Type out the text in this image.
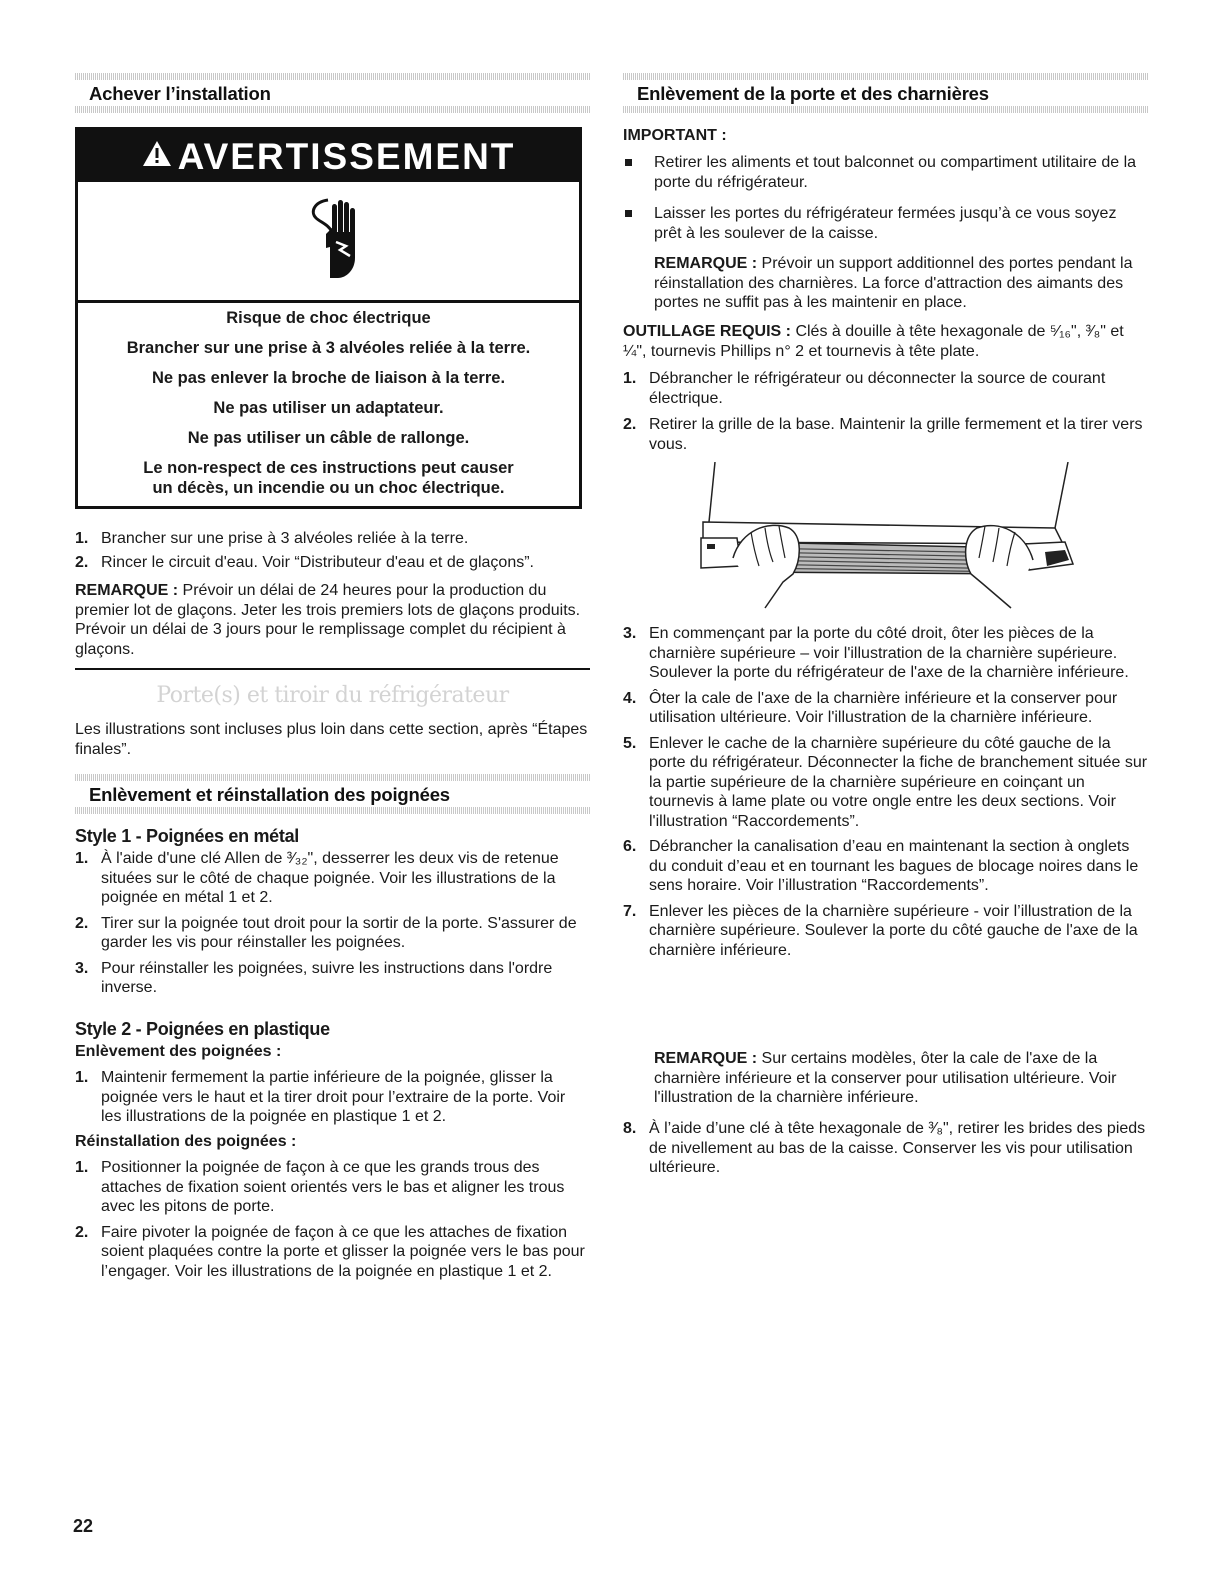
Achever l’installation
AVERTISSEMENT
Risque de choc électrique
Brancher sur une prise à 3 alvéoles reliée à la terre.
Ne pas enlever la broche de liaison à la terre.
Ne pas utiliser un adaptateur.
Ne pas utiliser un câble de rallonge.
Le non-respect de ces instructions peut causer
un décès, un incendie ou un choc électrique.
1. Brancher sur une prise à 3 alvéoles reliée à la terre.
2. Rincer le circuit d'eau. Voir “Distributeur d'eau et de glaçons”.

REMARQUE : Prévoir un délai de 24 heures pour la production du premier lot de glaçons. Jeter les trois premiers lots de glaçons produits. Prévoir un délai de 3 jours pour le remplissage complet du récipient à glaçons.

Porte(s) et tiroir du réfrigérateur

Les illustrations sont incluses plus loin dans cette section, après “Étapes finales”.

Enlèvement et réinstallation des poignées
Style 1 - Poignées en métal
1. À l'aide d'une clé Allen de ³⁄₃₂", desserrer les deux vis de retenue situées sur le côté de chaque poignée. Voir les illustrations de la poignée en métal 1 et 2.
2. Tirer sur la poignée tout droit pour la sortir de la porte. S'assurer de garder les vis pour réinstaller les poignées.
3. Pour réinstaller les poignées, suivre les instructions dans l'ordre inverse.
Style 2 - Poignées en plastique
Enlèvement des poignées :
1. Maintenir fermement la partie inférieure de la poignée, glisser la poignée vers le haut et la tirer droit pour l’extraire de la porte. Voir les illustrations de la poignée en plastique 1 et 2.
Réinstallation des poignées :
1. Positionner la poignée de façon à ce que les grands trous des attaches de fixation soient orientés vers le bas et aligner les trous avec les pitons de porte.
2. Faire pivoter la poignée de façon à ce que les attaches de fixation soient plaquées contre la porte et glisser la poignée vers le bas pour l’engager. Voir les illustrations de la poignée en plastique 1 et 2.
Enlèvement de la porte et des charnières
IMPORTANT :
Retirer les aliments et tout balconnet ou compartiment utilitaire de la porte du réfrigérateur.
Laisser les portes du réfrigérateur fermées jusqu’à ce vous soyez prêt à les soulever de la caisse.

REMARQUE : Prévoir un support additionnel des portes pendant la réinstallation des charnières. La force d'attraction des aimants des portes ne suffit pas à les maintenir en place.

OUTILLAGE REQUIS : Clés à douille à tête hexagonale de ⁵⁄₁₆", ³⁄₈" et ¼", tournevis Phillips n° 2 et tournevis à tête plate.

1. Débrancher le réfrigérateur ou déconnecter la source de courant électrique.
2. Retirer la grille de la base. Maintenir la grille fermement et la tirer vers vous.
3. En commençant par la porte du côté droit, ôter les pièces de la charnière supérieure – voir l'illustration de la charnière supérieure. Soulever la porte du réfrigérateur de l'axe de la charnière inférieure.
4. Ôter la cale de l'axe de la charnière inférieure et la conserver pour utilisation ultérieure. Voir l'illustration de la charnière inférieure.
5. Enlever le cache de la charnière supérieure du côté gauche de la porte du réfrigérateur. Déconnecter la fiche de branchement située sur la partie supérieure de la charnière supérieure en coinçant un tournevis à lame plate ou votre ongle entre les deux sections. Voir l'illustration “Raccordements”.
6. Débrancher la canalisation d’eau en maintenant la section à onglets du conduit d’eau et en tournant les bagues de blocage noires dans le sens horaire. Voir l’illustration “Raccordements”.
7. Enlever les pièces de la charnière supérieure - voir l’illustration de la charnière supérieure. Soulever la porte du côté gauche de l'axe de la charnière inférieure.

REMARQUE : Sur certains modèles, ôter la cale de l'axe de la charnière inférieure et la conserver pour utilisation ultérieure. Voir l'illustration de la charnière inférieure.

8. À l’aide d’une clé à tête hexagonale de ³⁄₈", retirer les brides des pieds de nivellement au bas de la caisse. Conserver les vis pour utilisation ultérieure.
22
